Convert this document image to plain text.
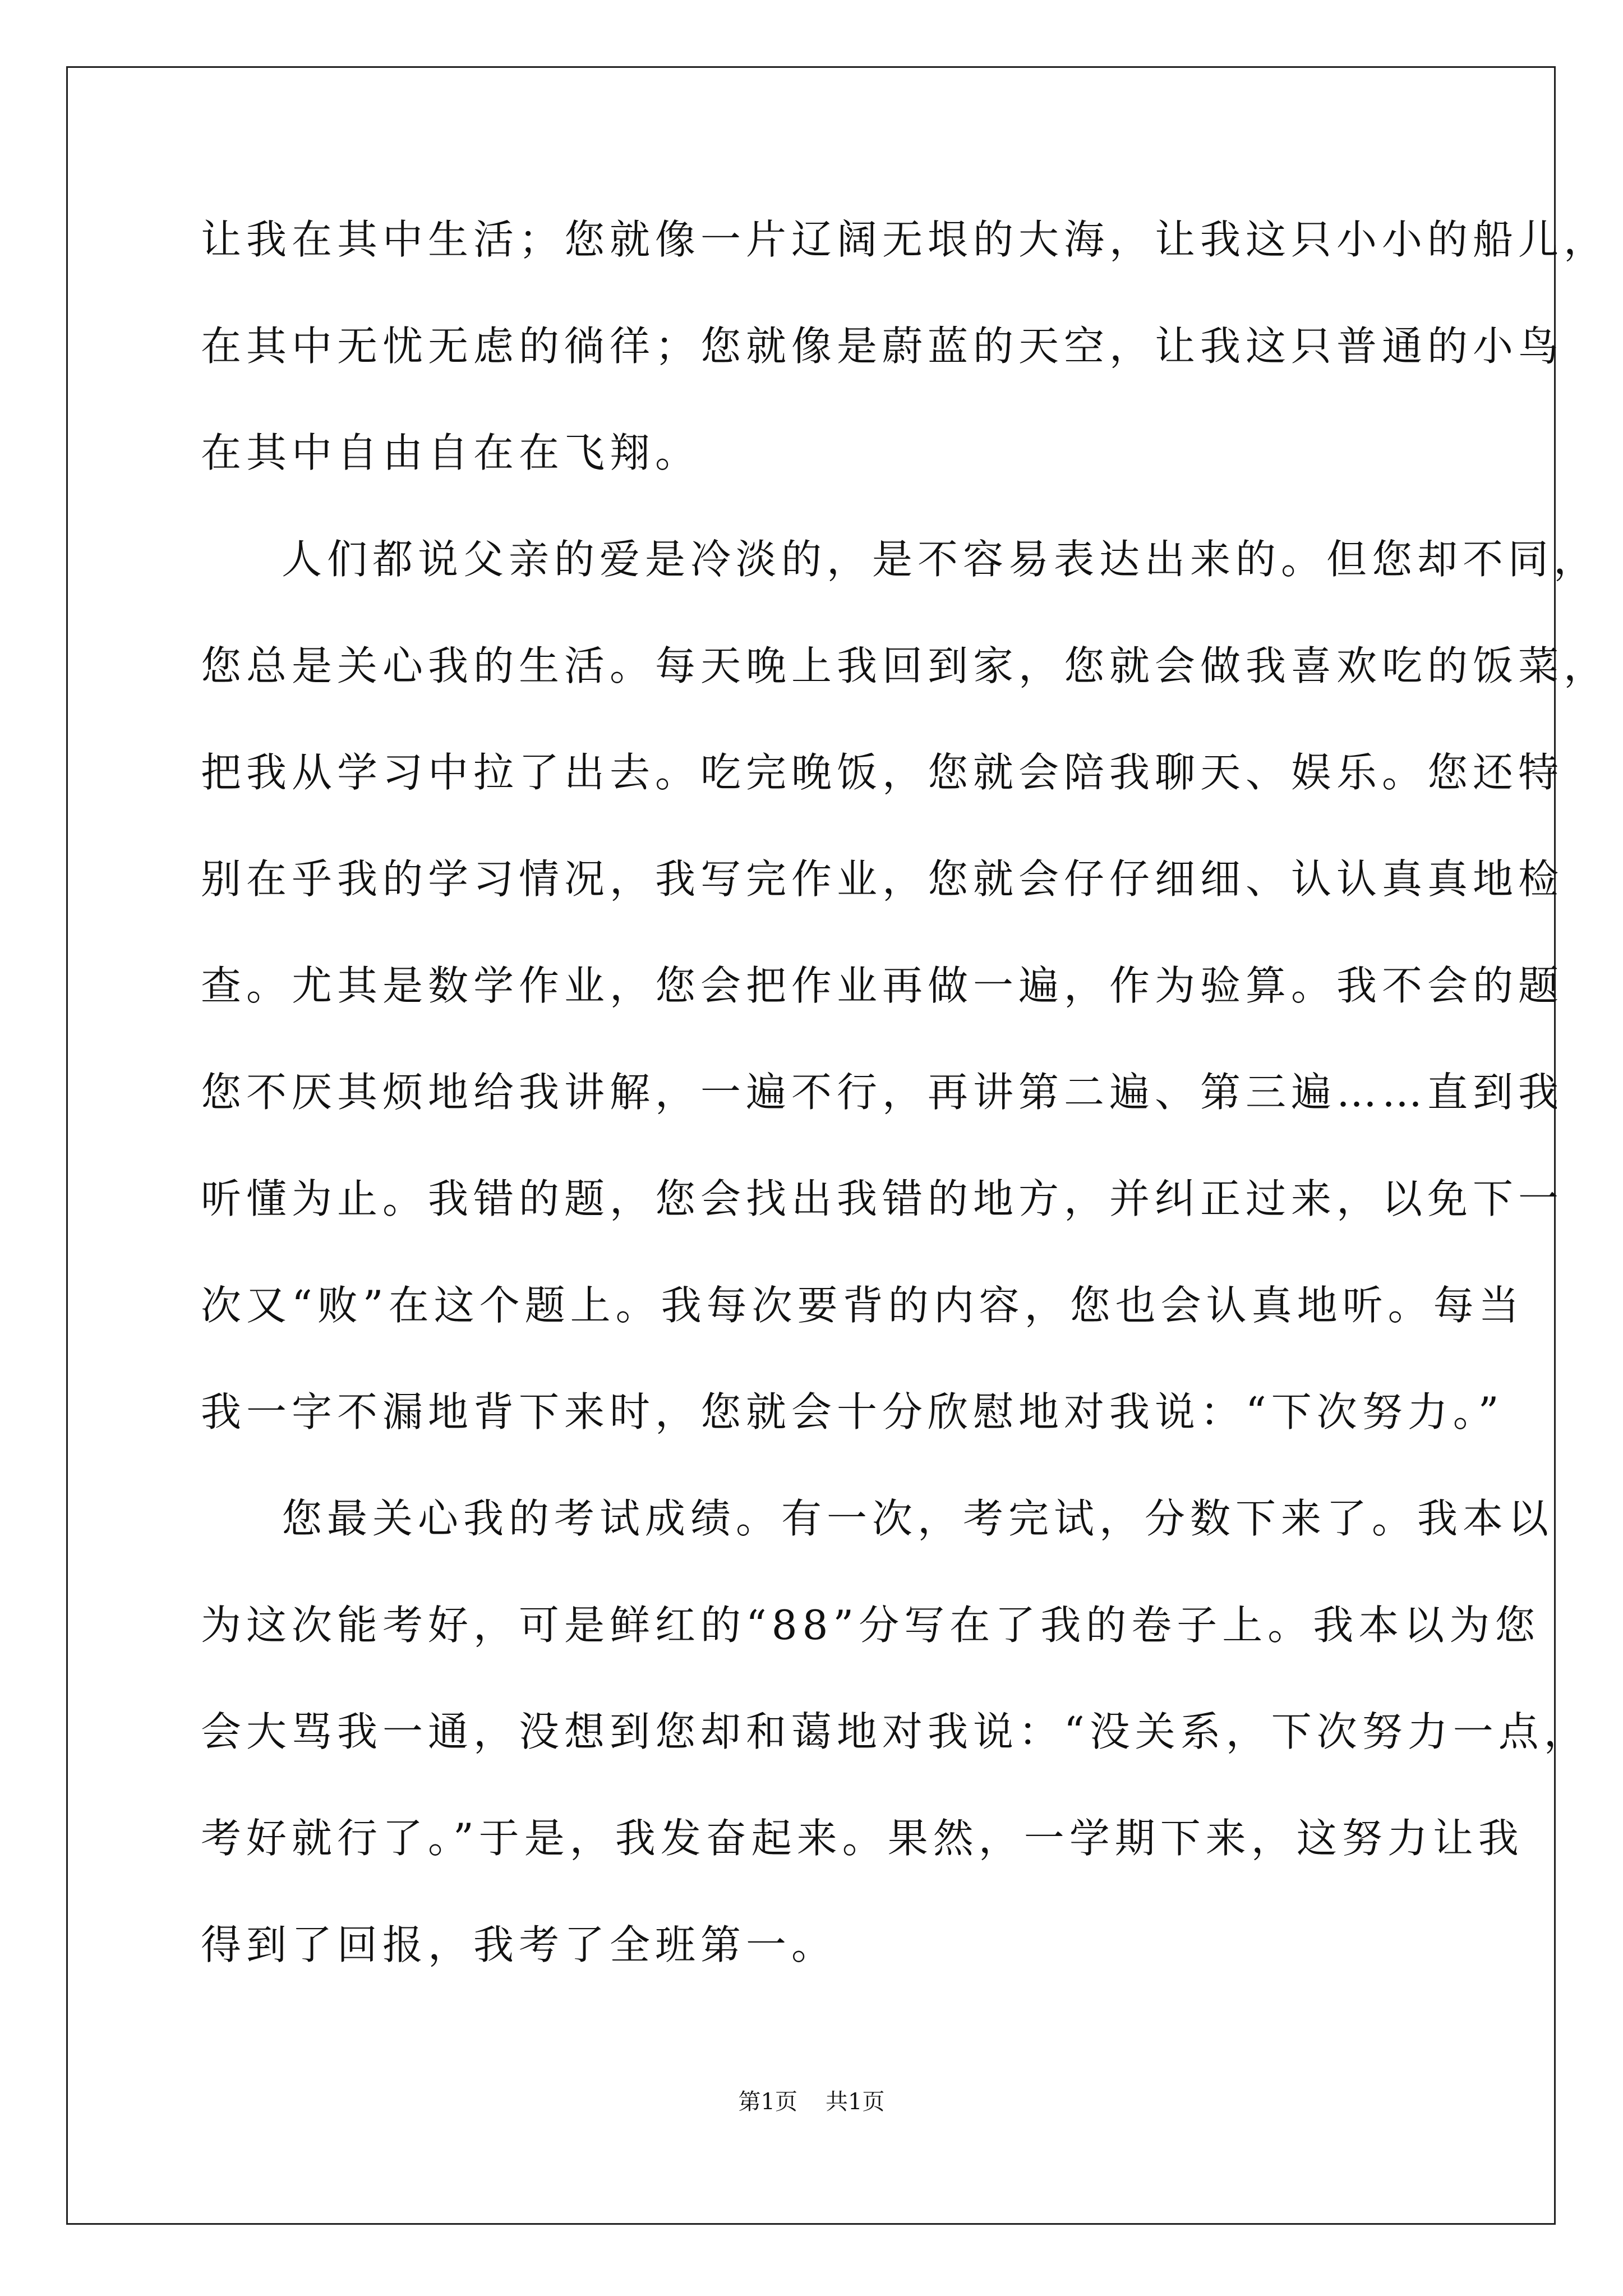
让我在其中生活；您就像一片辽阔无垠的大海，让我这只小小的船儿，
在其中无忧无虑的徜徉；您就像是蔚蓝的天空，让我这只普通的小鸟
在其中自由自在在飞翔。
人们都说父亲的爱是冷淡的，是不容易表达出来的。但您却不同，
您总是关心我的生活。每天晚上我回到家，您就会做我喜欢吃的饭菜，
把我从学习中拉了出去。吃完晚饭，您就会陪我聊天、娱乐。您还特
别在乎我的学习情况，我写完作业，您就会仔仔细细、认认真真地检
查。尤其是数学作业，您会把作业再做一遍，作为验算。我不会的题
您不厌其烦地给我讲解，一遍不行，再讲第二遍、第三遍……直到我
听懂为止。我错的题，您会找出我错的地方，并纠正过来，以免下一
次又“败”在这个题上。我每次要背的内容，您也会认真地听。每当
我一字不漏地背下来时，您就会十分欣慰地对我说：“下次努力。”
您最关心我的考试成绩。有一次，考完试，分数下来了。我本以
为这次能考好，可是鲜红的“88”分写在了我的卷子上。我本以为您
会大骂我一通，没想到您却和蔼地对我说：“没关系，下次努力一点，
考好就行了。”于是，我发奋起来。果然，一学期下来，这努力让我
得到了回报，我考了全班第一。
第1页 共1页
